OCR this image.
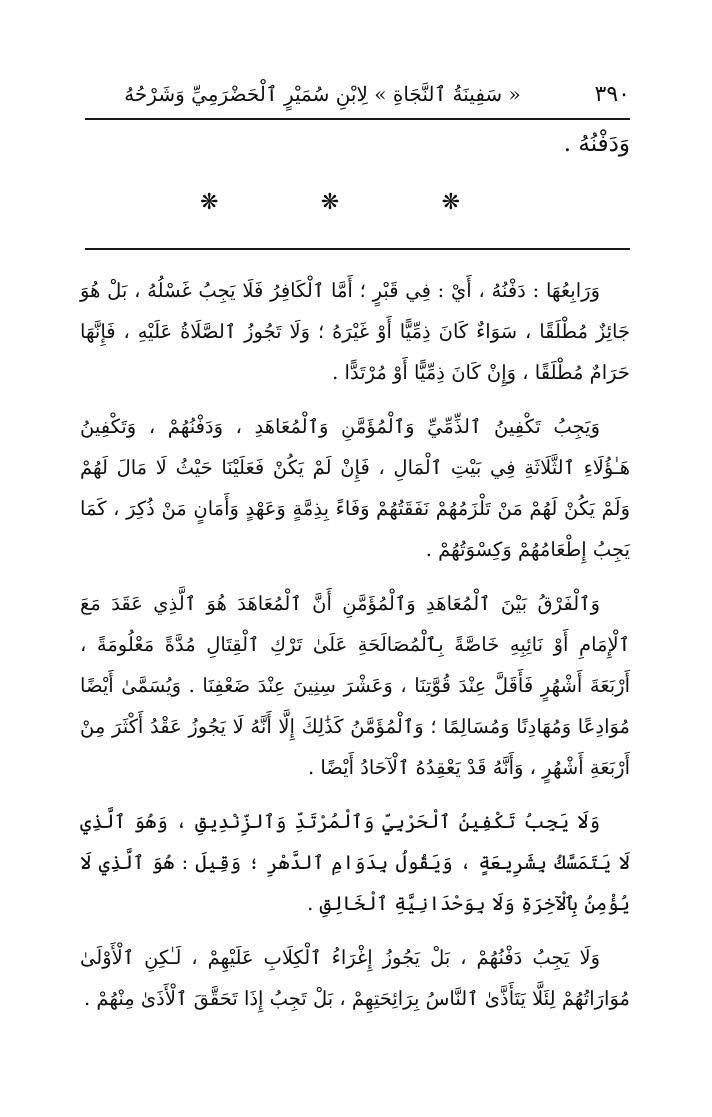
٣٩٠
« سَفِينَةُ ٱلنَّجَاةِ » لِابْنِ سُمَيْرٍ ٱلْحَضْرَمِيِّ وَشَرْحُهُ
وَدَفْنُهُ .
❋	❋	❋

وَرَابِعُهَا : دَفْنُهُ ، أَيْ : فِي قَبْرٍ ؛ أَمَّا ٱلْكَافِرُ فَلَا يَجِبُ غَسْلُهُ ، بَلْ هُوَ جَائِزٌ مُطْلَقًا ، سَوَاءٌ كَانَ ذِمِّيًّا أَوْ غَيْرَهُ ؛ وَلَا تَجُوزُ ٱلصَّلَاةُ عَلَيْهِ ، فَإِنَّهَا حَرَامٌ مُطْلَقًا ، وَإِنْ كَانَ ذِمِّيًّا أَوْ مُرْتَدًّا .

وَيَجِبُ تَكْفِينُ ٱلذِّمِّيِّ وَٱلْمُؤَمَّنِ وَٱلْمُعَاهَدِ ، وَدَفْنُهُمْ ، وَتَكْفِينُ هَـٰؤُلَاءِ ٱلثَّلَاثَةِ فِي بَيْتِ ٱلْمَالِ ، فَإِنْ لَمْ يَكُنْ فَعَلَيْنَا حَيْثُ لَا مَالَ لَهُمْ وَلَمْ يَكُنْ لَهُمْ مَنْ تَلْزَمُهُمْ نَفَقَتُهُمْ وَفَاءً بِذِمَّةٍ وَعَهْدٍ وَأَمَانٍ مَنْ ذُكِرَ ، كَمَا يَجِبُ إِطْعَامُهُمْ وَكِسْوَتُهُمْ .

وَٱلْفَرْقُ بَيْنَ ٱلْمُعَاهَدِ وَٱلْمُؤَمَّنِ أَنَّ ٱلْمُعَاهَدَ هُوَ ٱلَّذِي عَقَدَ مَعَ ٱلْإِمَامِ أَوْ نَائِبِهِ خَاصَّةً بِٱلْمُصَالَحَةِ عَلَىٰ تَرْكِ ٱلْقِتَالِ مُدَّةً مَعْلُومَةً ، أَرْبَعَةَ أَشْهُرٍ فَأَقَلَّ عِنْدَ قُوَّتِنَا ، وَعَشْرَ سِنِينَ عِنْدَ ضَعْفِنَا . وَيُسَمَّىٰ أَيْضًا مُوَادِعًا وَمُهَادِنًا وَمُسَالِمًا ؛ وَٱلْمُؤَمَّنُ كَذَٰلِكَ إِلَّا أَنَّهُ لَا يَجُوزُ عَقْدُ أَكْثَرَ مِنْ أَرْبَعَةِ أَشْهُرٍ ، وَأَنَّهُ قَدْ يَعْقِدُهُ ٱلْآحَادُ أَيْضًا .

وَلَا يَجِبُ تَكْفِينُ ٱلْحَرْبِيِّ وَٱلْمُرْتَدِّ وَٱلزِّنْدِيقِ ، وَهُوَ ٱلَّذِي لَا يَتَمَسَّكُ بِشَرِيعَةٍ ، وَيَقُولُ بِدَوَامِ ٱلدَّهْرِ ؛ وَقِيلَ : هُوَ ٱلَّذِي لَا يُؤْمِنُ بِٱلْآخِرَةِ وَلَا بِوَحْدَانِيَّةِ ٱلْخَالِقِ .

وَلَا يَجِبُ دَفْنُهُمْ ، بَلْ يَجُوزُ إِغْرَاءُ ٱلْكِلَابِ عَلَيْهِمْ ، لَـٰكِنِ ٱلْأَوْلَىٰ مُوَارَاتُهُمْ لِئَلَّا يَتَأَذَّىٰ ٱلنَّاسُ بِرَائِحَتِهِمْ ، بَلْ تَجِبُ إِذَا تَحَقَّقَ ٱلْأَذَىٰ مِنْهُمْ .
